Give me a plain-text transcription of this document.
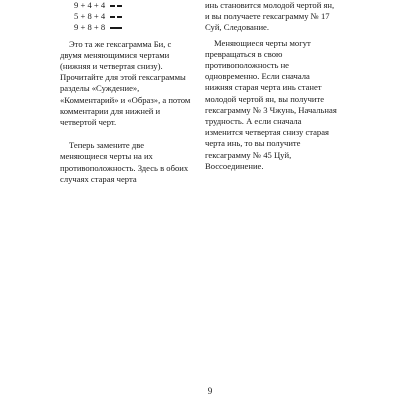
9 + 4 + 4
5 + 8 + 4
9 + 8 + 8

Это та же гексаграмма Би, с двумя меняющимися чертами (нижняя и четвертая снизу). Прочитайте для этой гексаграммы разделы «Суждение», «Комментарий» и «Образ», а потом комментарии для нижней и четвертой черт.

Теперь замените две меняющиеся черты на их противоположность. Здесь в обоих случаях старая черта

инь становится молодой чертой ян, и вы получаете гексаграмму № 17 Суй, Следование.

Меняющиеся черты могут превращаться в свою противоположность не одновременно. Если сначала нижняя старая черта инь станет молодой чертой ян, вы получите гексаграмму № 3 Чжунь, Начальная трудность. А если сначала изменится четвертая снизу старая черта инь, то вы получите гексаграмму № 45 Цуй, Воссоединение.

9
